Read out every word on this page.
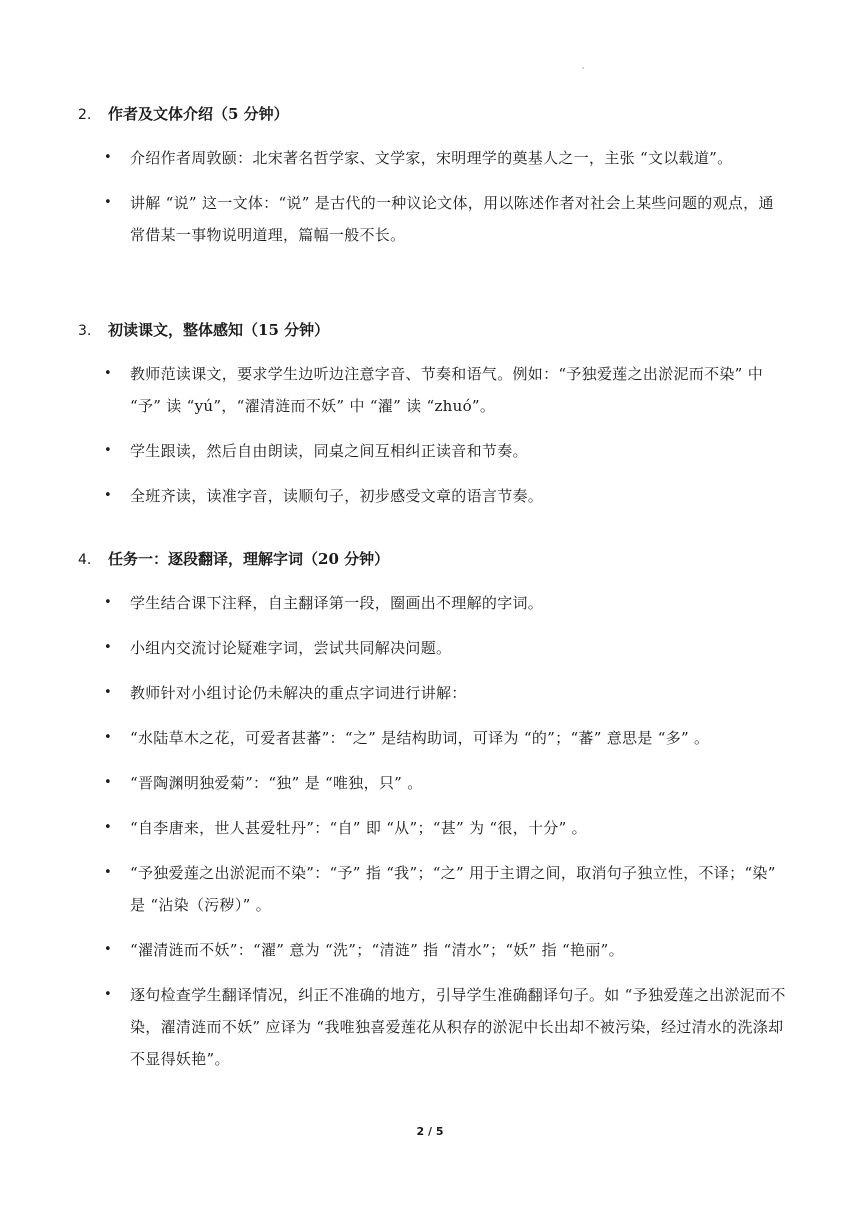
·
2. 作者及文体介绍（5 分钟）
• 介绍作者周敦颐：北宋著名哲学家、文学家，宋明理学的奠基人之一，主张 “文以载道”。
• 讲解 “说” 这一文体：“说” 是古代的一种议论文体，用以陈述作者对社会上某些问题的观点，通常借某一事物说明道理，篇幅一般不长。
3. 初读课文，整体感知（15 分钟）
• 教师范读课文，要求学生边听边注意字音、节奏和语气。例如：“予独爱莲之出淤泥而不染” 中 “予” 读 “yú”，“濯清涟而不妖” 中 “濯” 读 “zhuó”。
• 学生跟读，然后自由朗读，同桌之间互相纠正读音和节奏。
• 全班齐读，读准字音，读顺句子，初步感受文章的语言节奏。
4. 任务一：逐段翻译，理解字词（20 分钟）
• 学生结合课下注释，自主翻译第一段，圈画出不理解的字词。
• 小组内交流讨论疑难字词，尝试共同解决问题。
• 教师针对小组讨论仍未解决的重点字词进行讲解：
• “水陆草木之花，可爱者甚蕃”：“之” 是结构助词，可译为 “的”；“蕃” 意思是 “多” 。
• “晋陶渊明独爱菊”：“独” 是 “唯独，只” 。
• “自李唐来，世人甚爱牡丹”：“自” 即 “从”；“甚” 为 “很，十分” 。
• “予独爱莲之出淤泥而不染”：“予” 指 “我”；“之” 用于主谓之间，取消句子独立性，不译；“染” 是 “沾染（污秽）” 。
• “濯清涟而不妖”：“濯” 意为 “洗”；“清涟” 指 “清水”；“妖” 指 “艳丽”。
• 逐句检查学生翻译情况，纠正不准确的地方，引导学生准确翻译句子。如 “予独爱莲之出淤泥而不染，濯清涟而不妖” 应译为 “我唯独喜爱莲花从积存的淤泥中长出却不被污染，经过清水的洗涤却不显得妖艳”。
2 / 5
